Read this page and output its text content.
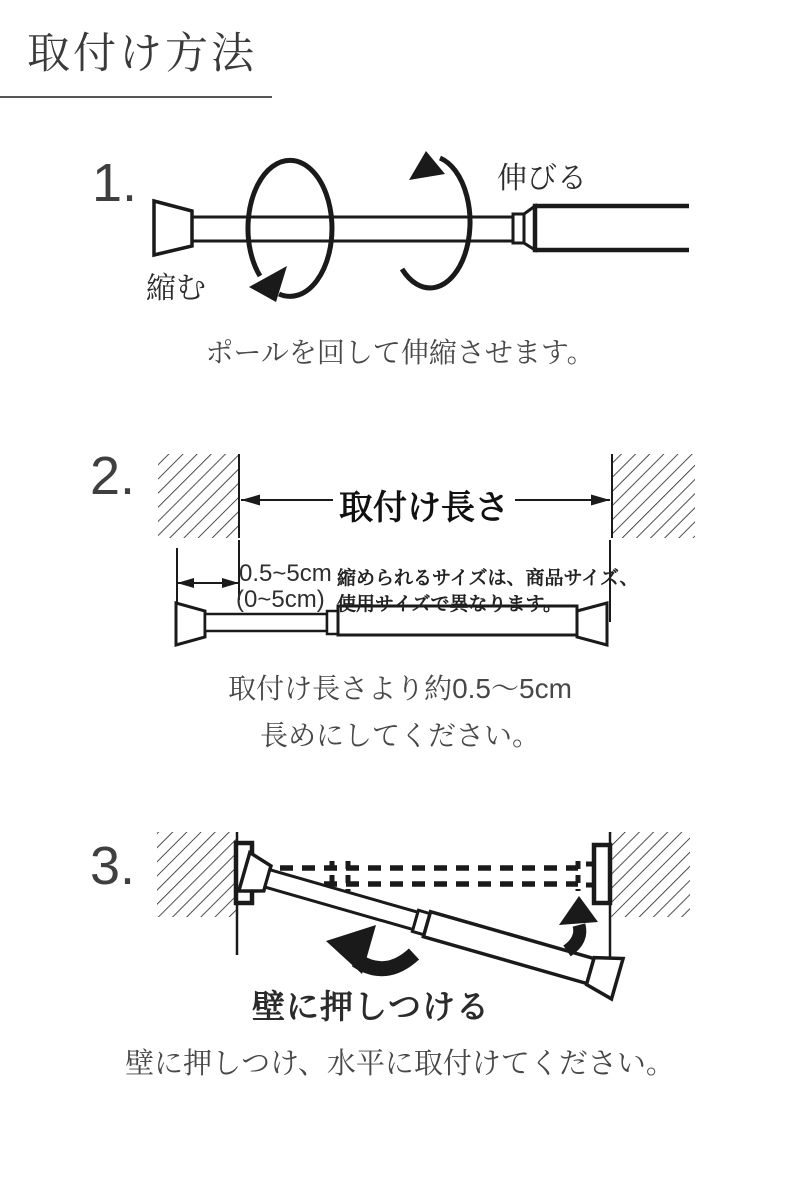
取付け方法
1.	伸びる
縮む
ポールを回して伸縮させます。
2.
取付け長さ
0.5~5cm
(0~5cm)
縮められるサイズは、商品サイズ、
使用サイズで異なります。
取付け長さより約0.5〜5cm
長めにしてください。
3.
壁に押しつける
壁に押しつけ、水平に取付けてください。
